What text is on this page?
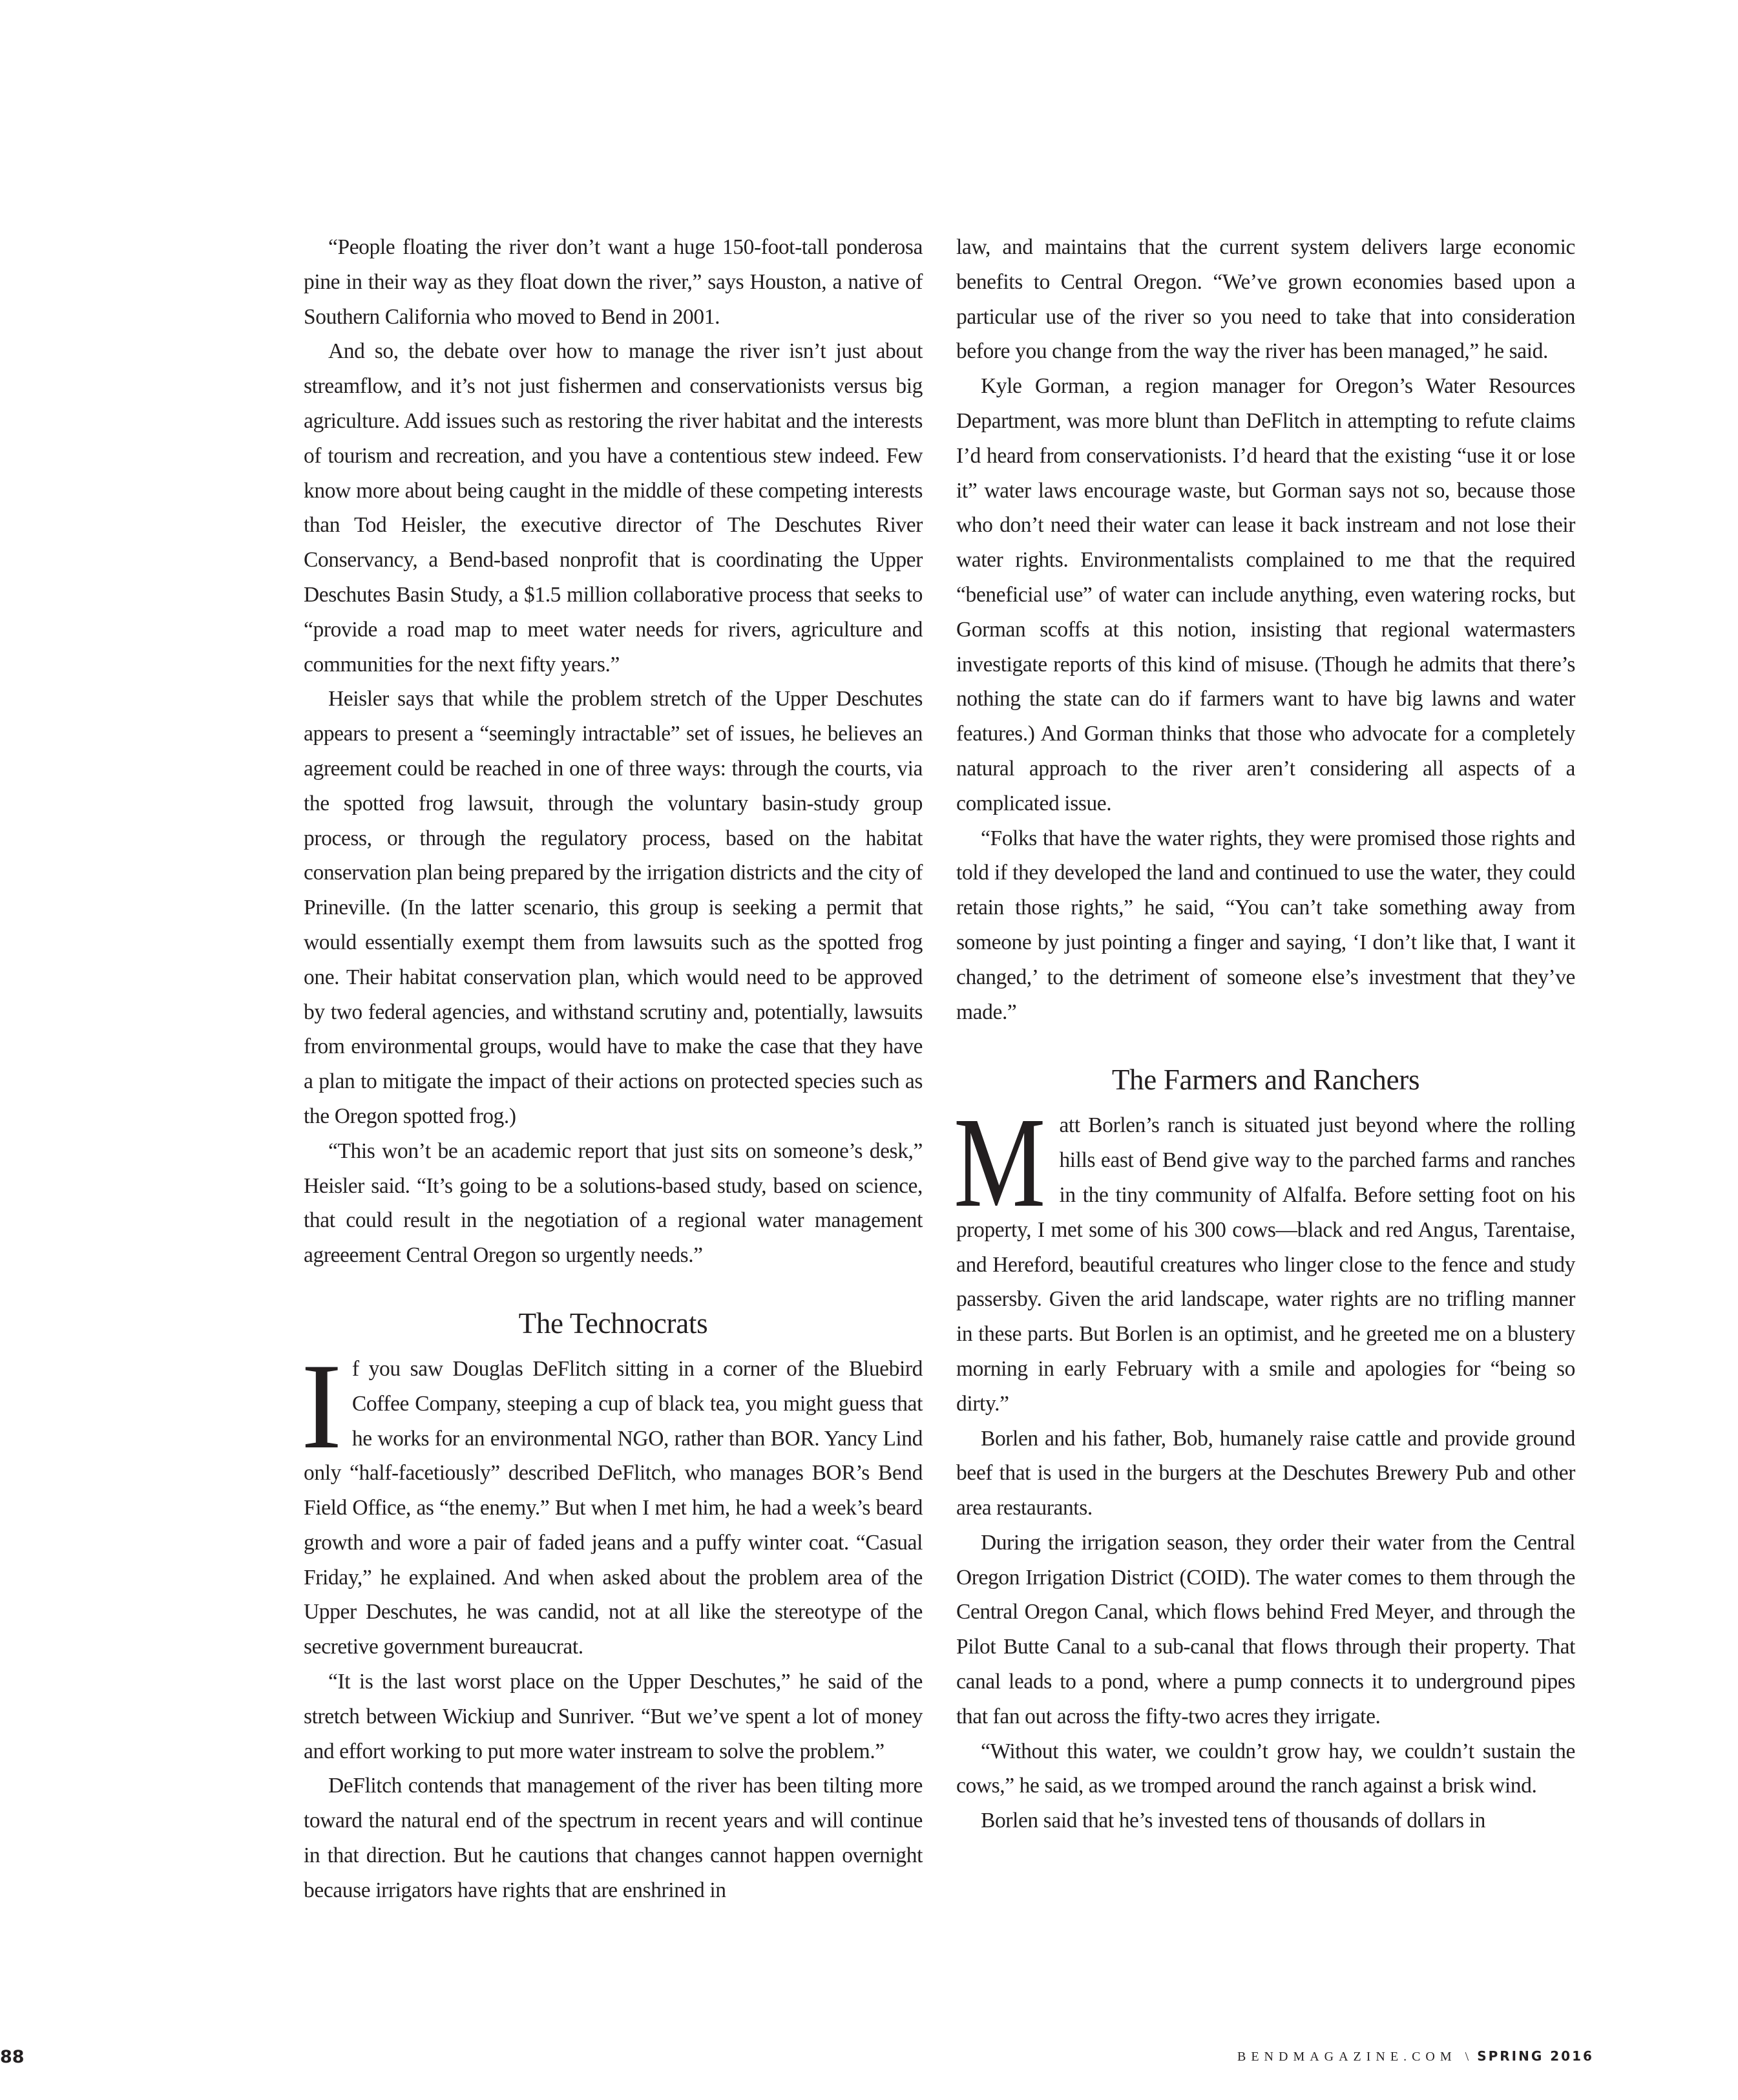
“People floating the river don’t want a huge 150-foot-tall ponderosa pine in their way as they float down the river,” says Houston, a native of Southern California who moved to Bend in 2001.

And so, the debate over how to manage the river isn’t just about streamflow, and it’s not just fishermen and conservationists versus big agriculture. Add issues such as restoring the river habitat and the interests of tourism and recreation, and you have a contentious stew indeed. Few know more about being caught in the middle of these competing interests than Tod Heisler, the executive director of The Deschutes River Conservancy, a Bend-based nonprofit that is coordinating the Upper Deschutes Basin Study, a $1.5 million collaborative process that seeks to “provide a road map to meet water needs for rivers, agriculture and communities for the next fifty years.”

Heisler says that while the problem stretch of the Upper Deschutes appears to present a “seemingly intractable” set of issues, he believes an agreement could be reached in one of three ways: through the courts, via the spotted frog lawsuit, through the voluntary basin-study group process, or through the regulatory process, based on the habitat conservation plan being prepared by the irrigation districts and the city of Prineville. (In the latter scenario, this group is seeking a permit that would essentially exempt them from lawsuits such as the spotted frog one. Their habitat conservation plan, which would need to be approved by two federal agencies, and withstand scrutiny and, potentially, lawsuits from environmental groups, would have to make the case that they have a plan to mitigate the impact of their actions on protected species such as the Oregon spotted frog.)

“This won’t be an academic report that just sits on someone’s desk,” Heisler said. “It’s going to be a solutions-based study, based on science, that could result in the negotiation of a regional water management agreeement Central Oregon so urgently needs.”

The Technocrats

If you saw Douglas DeFlitch sitting in a corner of the Bluebird Coffee Company, steeping a cup of black tea, you might guess that he works for an environmental NGO, rather than BOR. Yancy Lind only “half-facetiously” described DeFlitch, who manages BOR’s Bend Field Office, as “the enemy.” But when I met him, he had a week’s beard growth and wore a pair of faded jeans and a puffy winter coat. “Casual Friday,” he explained. And when asked about the problem area of the Upper Deschutes, he was candid, not at all like the stereotype of the secretive government bureaucrat.

“It is the last worst place on the Upper Deschutes,” he said of the stretch between Wickiup and Sunriver. “But we’ve spent a lot of money and effort working to put more water instream to solve the problem.”

DeFlitch contends that management of the river has been tilting more toward the natural end of the spectrum in recent years and will continue in that direction. But he cautions that changes cannot happen overnight because irrigators have rights that are enshrined in

law, and maintains that the current system delivers large economic benefits to Central Oregon. “We’ve grown economies based upon a particular use of the river so you need to take that into consideration before you change from the way the river has been managed,” he said.

Kyle Gorman, a region manager for Oregon’s Water Resources Department, was more blunt than DeFlitch in attempting to refute claims I’d heard from conservationists. I’d heard that the existing “use it or lose it” water laws encourage waste, but Gorman says not so, because those who don’t need their water can lease it back instream and not lose their water rights. Environmentalists complained to me that the required “beneficial use” of water can include anything, even watering rocks, but Gorman scoffs at this notion, insisting that regional watermasters investigate reports of this kind of misuse. (Though he admits that there’s nothing the state can do if farmers want to have big lawns and water features.) And Gorman thinks that those who advocate for a completely natural approach to the river aren’t considering all aspects of a complicated issue.

“Folks that have the water rights, they were promised those rights and told if they developed the land and continued to use the water, they could retain those rights,” he said, “You can’t take something away from someone by just pointing a finger and saying, ‘I don’t like that, I want it changed,’ to the detriment of someone else’s investment that they’ve made.”

The Farmers and Ranchers

Matt Borlen’s ranch is situated just beyond where the rolling hills east of Bend give way to the parched farms and ranches in the tiny community of Alfalfa. Before setting foot on his property, I met some of his 300 cows—black and red Angus, Tarentaise, and Hereford, beautiful creatures who linger close to the fence and study passersby. Given the arid landscape, water rights are no trifling manner in these parts. But Borlen is an optimist, and he greeted me on a blustery morning in early February with a smile and apologies for “being so dirty.”

Borlen and his father, Bob, humanely raise cattle and provide ground beef that is used in the burgers at the Deschutes Brewery Pub and other area restaurants.

During the irrigation season, they order their water from the Central Oregon Irrigation District (COID). The water comes to them through the Central Oregon Canal, which flows behind Fred Meyer, and through the Pilot Butte Canal to a sub-canal that flows through their property. That canal leads to a pond, where a pump connects it to underground pipes that fan out across the fifty-two acres they irrigate.

“Without this water, we couldn’t grow hay, we couldn’t sustain the cows,” he said, as we tromped around the ranch against a brisk wind.

Borlen said that he’s invested tens of thousands of dollars in

88	BENDMAGAZINE.COM \ SPRING 2016
